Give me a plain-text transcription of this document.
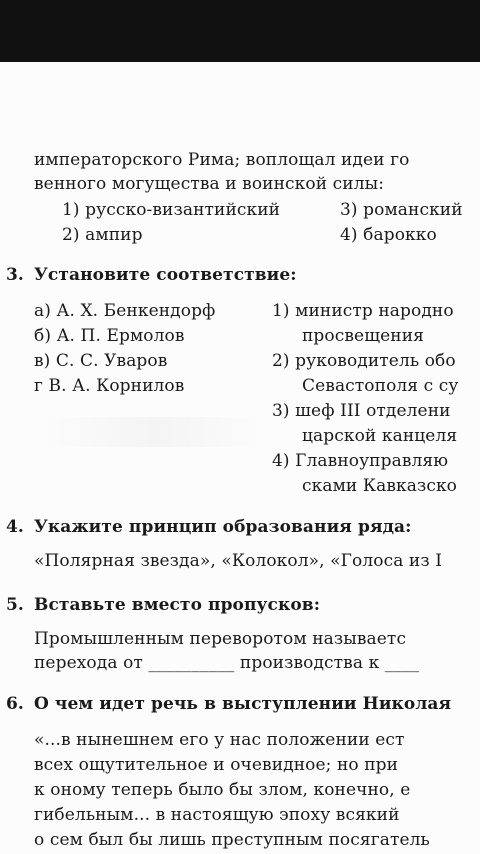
императорского Рима; воплощал идеи го
венного могущества и воинской силы:
1) русско-византийский	3) романский
2) ампир	4) барокко
3. Установите соответствие:
а) А. Х. Бенкендорф
б) А. П. Ермолов
в) С. С. Уваров
г В. А. Корнилов
1) министр народно
просвещения
2) руководитель обо
Севастополя с су
3) шеф III отделени
царской канцеля
4) Главноуправляю
сками Кавказско
4. Укажите принцип образования ряда:
«Полярная звезда», «Колокол», «Голоса из I
5. Вставьте вместо пропусков:
Промышленным переворотом называетс
перехода от __________ производства к ____
6. О чем идет речь в выступлении Николая
«...в нынешнем его у нас положении ест
всех ощутительное и очевидное; но при
к оному теперь было бы злом, конечно, е
гибельным... в настоящую эпоху всякий
о сем был бы лишь преступным посягатель
